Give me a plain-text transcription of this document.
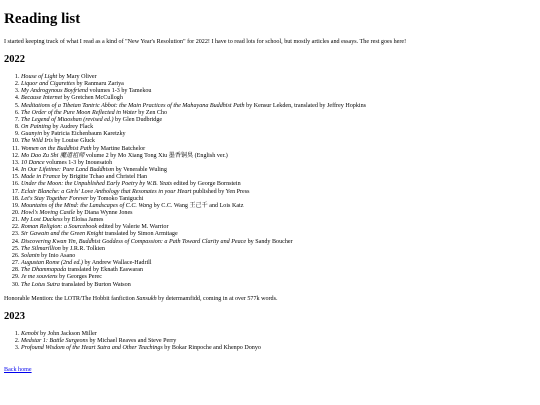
Reading list

I started keeping track of what I read as a kind of "New Year's Resolution" for 2022! I have to read lots for school, but mostly articles and essays. The rest goes here!

2022
1. House of Light by Mary Oliver
2. Liquor and Cigarettes by Ranmaru Zariya
3. My Androgynous Boyfriend volumes 1-3 by Tamekou
4. Because Internet by Gretchen McCullogh
5. Meditations of a Tibetan Tantric Abbot: the Main Practices of the Mahayana Buddhist Path by Kensur Lekden, translated by Jeffrey Hopkins
6. The Order of the Pure Moon Reflected in Water by Zen Cho
7. The Legend of Miaoshan (revised ed.) by Glen Dudbridge
8. On Painting by Audrey Flack
9. Guanyin by Patricia Eichenbaum Karetzky
10. The Wild Iris by Louise Gluck
11. Women on the Buddhist Path by Martine Batchelor
12. Mo Dao Zu Shi 魔道祖师 volume 2 by Mo Xiang Tong Xiu 墨香铜臭 (English ver.)
13. 10 Dance volumes 1-3 by Inouesatoh
14. In Our Lifetime: Pure Land Buddhism by Venerable Wuling
15. Made in France by Brigitte Tchao and Christel Han
16. Under the Moon: the Unpublished Early Poetry by W.B. Yeats edited by George Bornstein
17. Eclair Blanche: a Girls' Love Anthology that Resonates in your Heart published by Yen Press
18. Let's Stay Together Forever by Tomoko Taniguchi
19. Mountains of the Mind: the Landscapes of C.C. Wang by C.C. Wang 王己千 and Lois Katz
20. Howl's Moving Castle by Diana Wynne Jones
21. My Lost Duckess by Eloisa James
22. Roman Religion: a Sourcebook edited by Valerie M. Warrior
23. Sir Gawain and the Green Knight translated by Simon Armitage
24. Discovering Kwan Yin, Buddhist Goddess of Compassion: a Path Toward Clarity and Peace by Sandy Boucher
25. The Silmarillion by J.R.R. Tolkien
26. Solanin by Inio Asano
27. Augustan Rome (2nd ed.) by Andrew Wallace-Hadrill
28. The Dhammapada translated by Eknath Easwaran
29. Je me souviens by Georges Perec
30. The Lotus Sutra translated by Burton Watson

Honorable Mention: the LOTR/The Hobbit fanfiction Sansukh by determamfidd, coming in at over 577k words.

2023
1. Kenobi by John Jackson Miller
2. Medstar 1: Battle Surgeons by Michael Reaves and Steve Perry
3. Profound Wisdom of the Heart Sutra and Other Teachings by Bokar Rinpoche and Khenpo Donyo
Back home
